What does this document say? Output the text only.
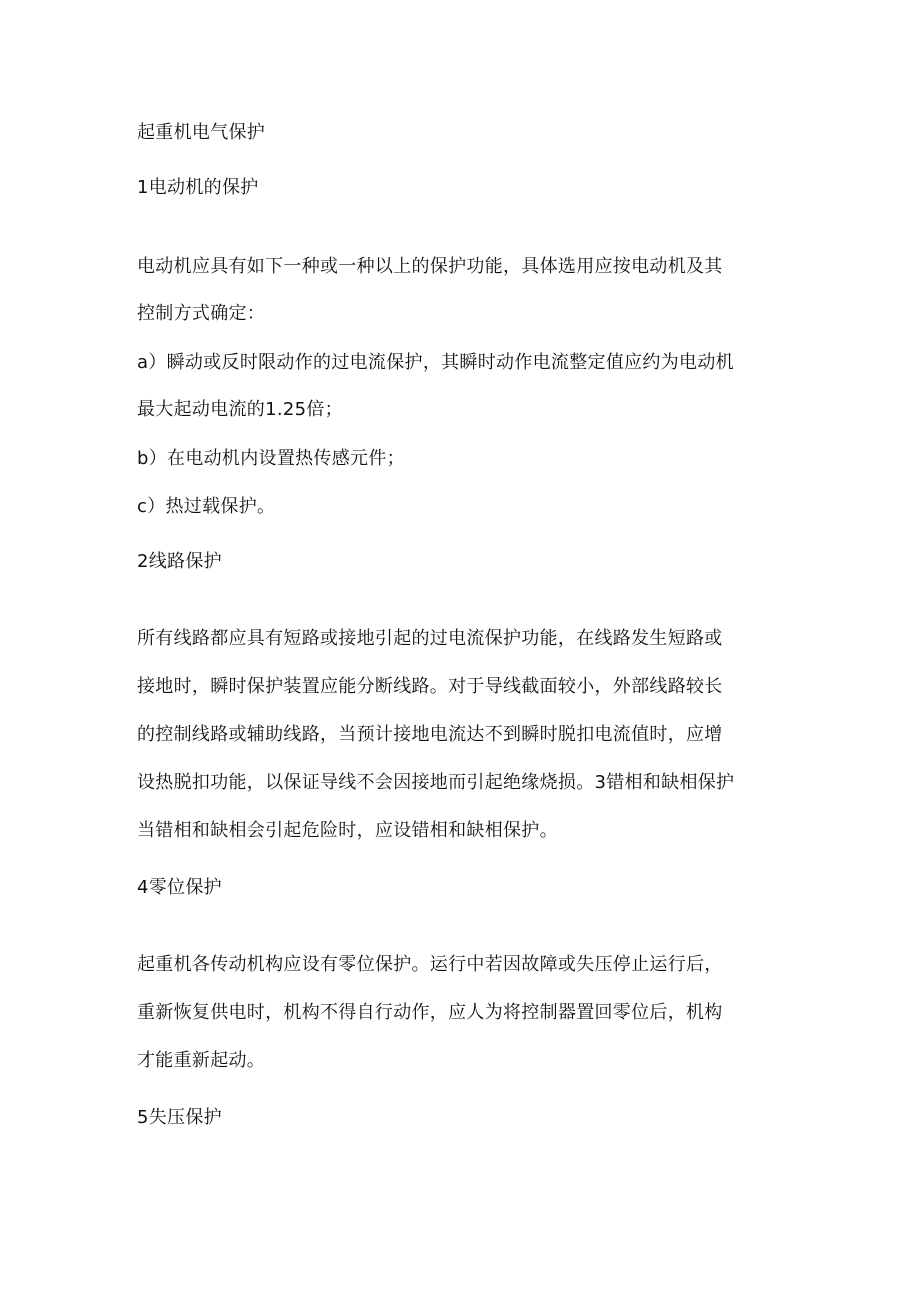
起重机电气保护
1电动机的保护
电动机应具有如下一种或一种以上的保护功能，具体选用应按电动机及其
控制方式确定：
a）瞬动或反时限动作的过电流保护，其瞬时动作电流整定值应约为电动机
最大起动电流的1.25倍；
b）在电动机内设置热传感元件；
c）热过载保护。
2线路保护
所有线路都应具有短路或接地引起的过电流保护功能，在线路发生短路或
接地时，瞬时保护装置应能分断线路。对于导线截面较小，外部线路较长
的控制线路或辅助线路，当预计接地电流达不到瞬时脱扣电流值时，应增
设热脱扣功能，以保证导线不会因接地而引起绝缘烧损。3错相和缺相保护
当错相和缺相会引起危险时，应设错相和缺相保护。
4零位保护
起重机各传动机构应设有零位保护。运行中若因故障或失压停止运行后，
重新恢复供电时，机构不得自行动作，应人为将控制器置回零位后，机构
才能重新起动。
5失压保护
